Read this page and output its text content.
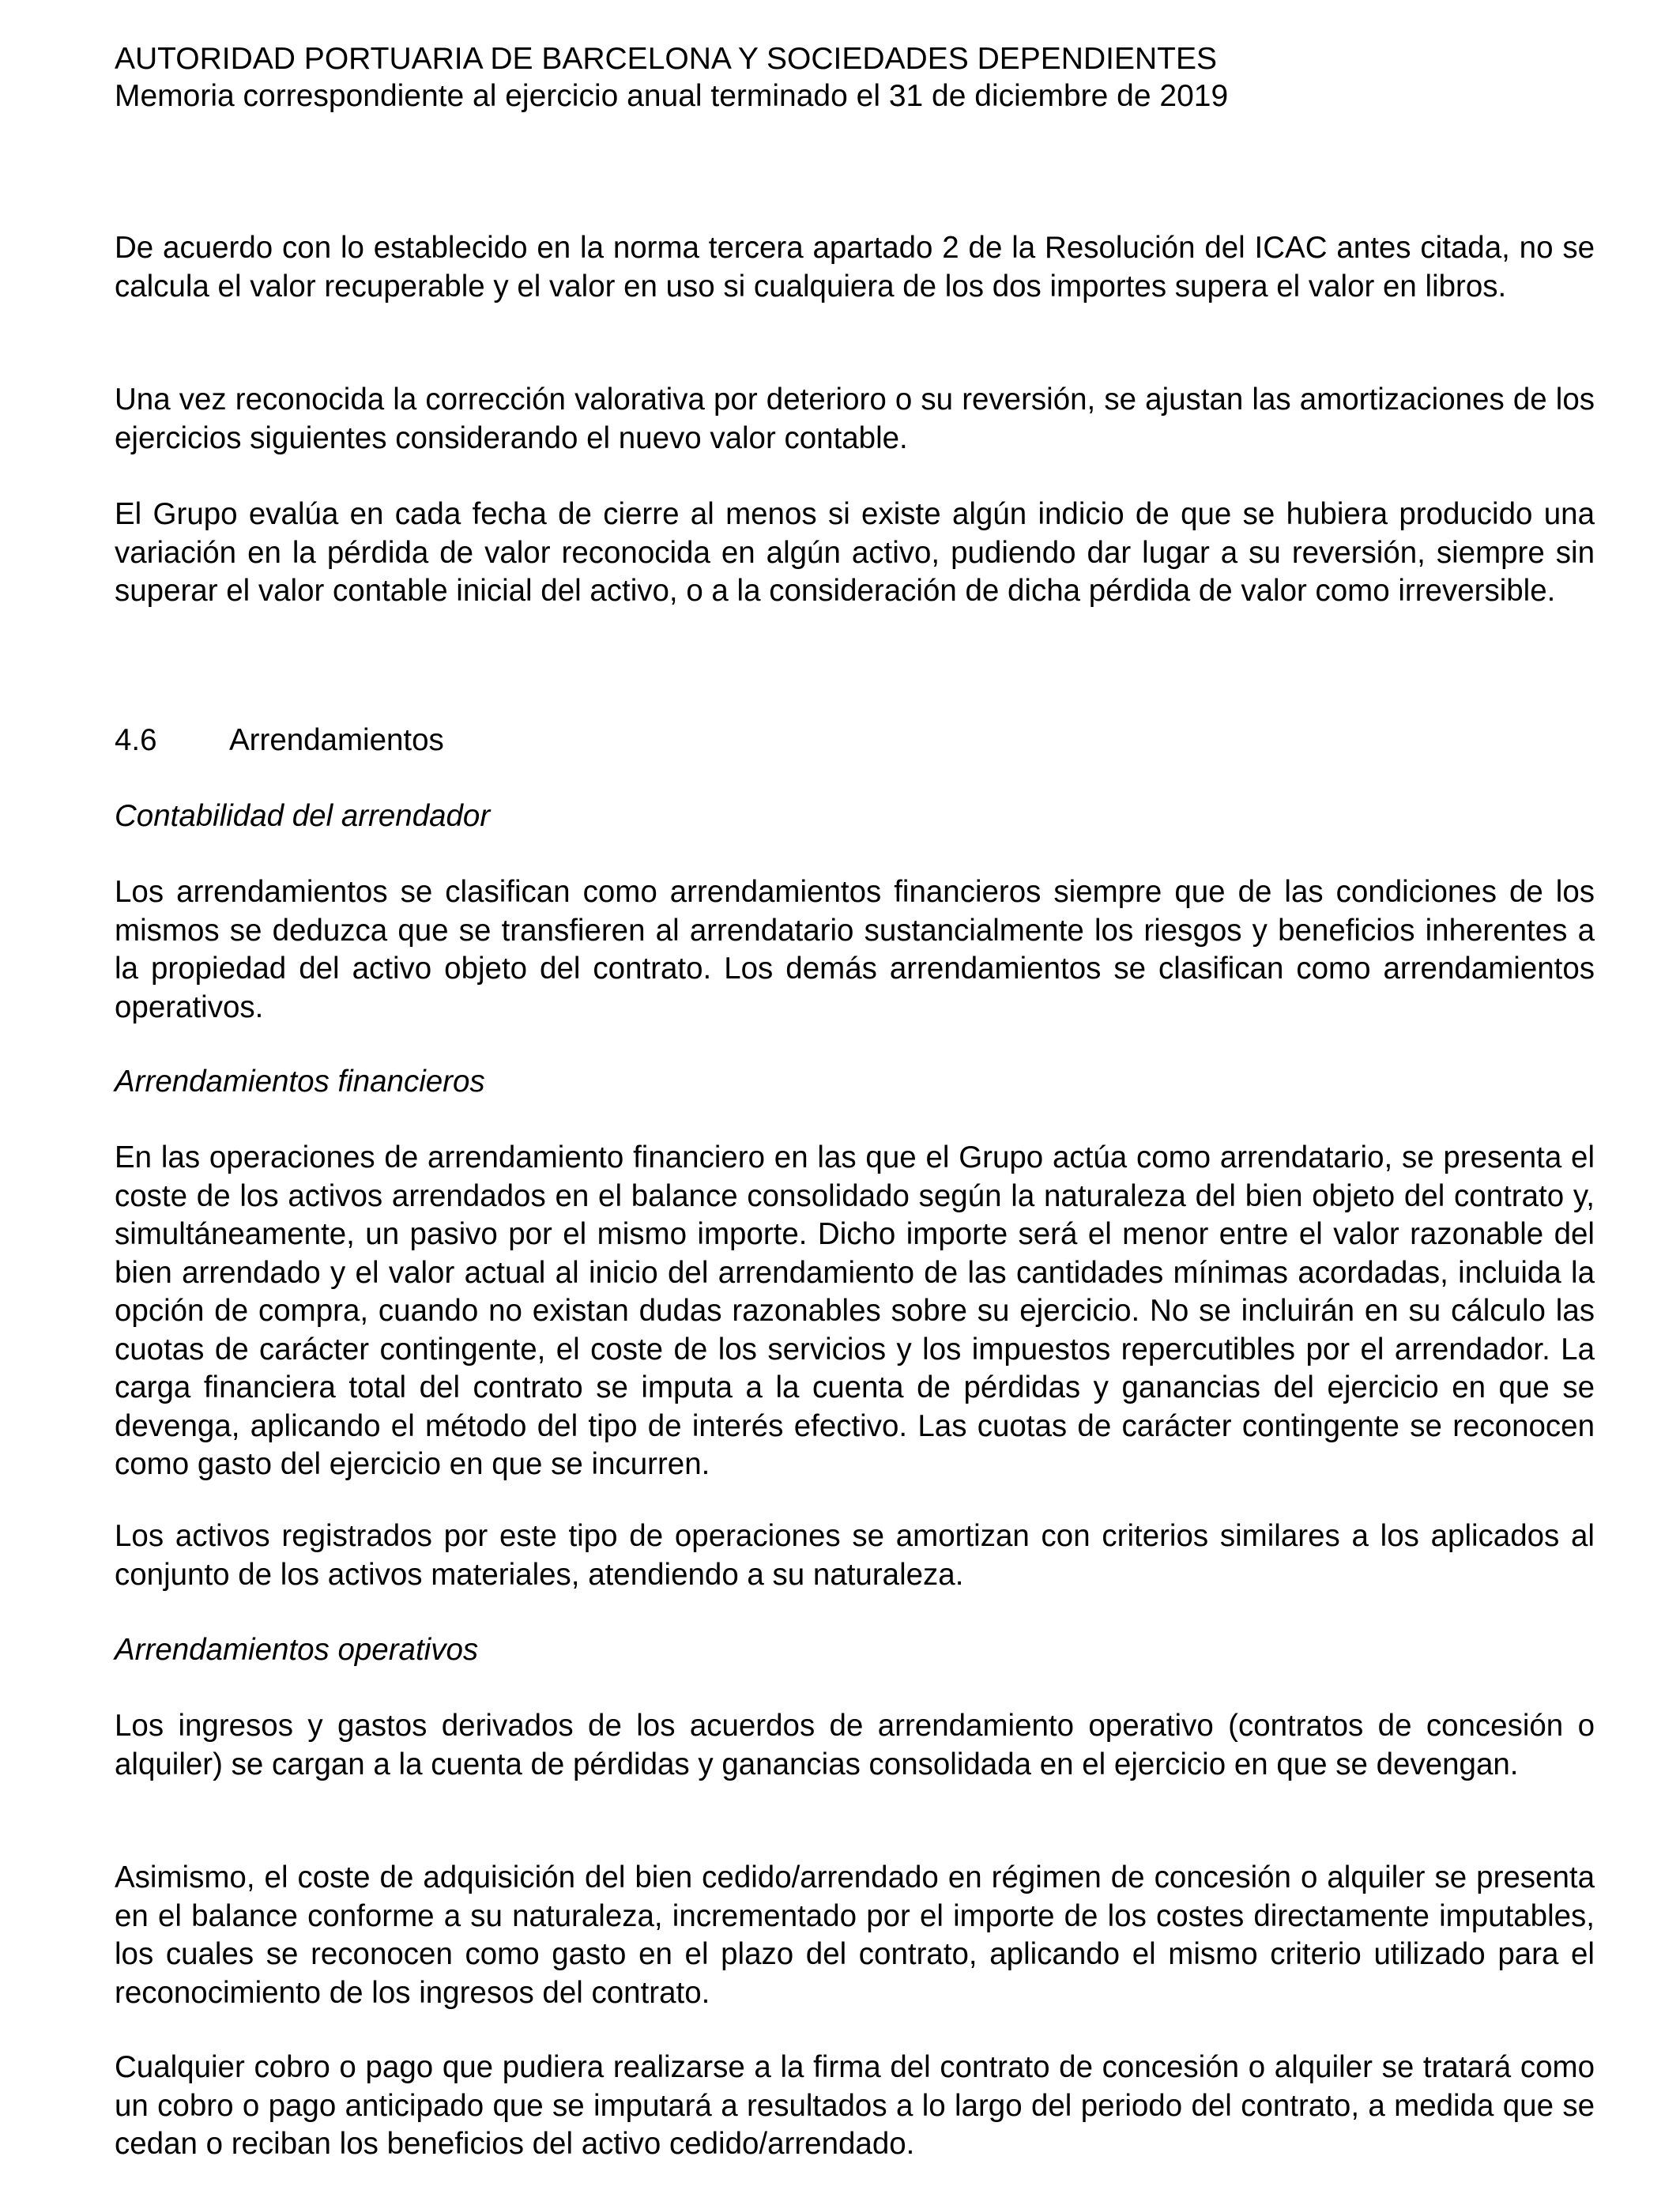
AUTORIDAD PORTUARIA DE BARCELONA Y SOCIEDADES DEPENDIENTES
Memoria correspondiente al ejercicio anual terminado el 31 de diciembre de 2019

De acuerdo con lo establecido en la norma tercera apartado 2 de la Resolución del ICAC antes citada, no se calcula el valor recuperable y el valor en uso si cualquiera de los dos importes supera el valor en libros.

Una vez reconocida la corrección valorativa por deterioro o su reversión, se ajustan las amortizaciones de los ejercicios siguientes considerando el nuevo valor contable.

El Grupo evalúa en cada fecha de cierre al menos si existe algún indicio de que se hubiera producido una variación en la pérdida de valor reconocida en algún activo, pudiendo dar lugar a su reversión, siempre sin superar el valor contable inicial del activo, o a la consideración de dicha pérdida de valor como irreversible.

4.6 Arrendamientos

Contabilidad del arrendador

Los arrendamientos se clasifican como arrendamientos financieros siempre que de las condiciones de los mismos se deduzca que se transfieren al arrendatario sustancialmente los riesgos y beneficios inherentes a la propiedad del activo objeto del contrato. Los demás arrendamientos se clasifican como arrendamientos operativos.

Arrendamientos financieros

En las operaciones de arrendamiento financiero en las que el Grupo actúa como arrendatario, se presenta el coste de los activos arrendados en el balance consolidado según la naturaleza del bien objeto del contrato y, simultáneamente, un pasivo por el mismo importe. Dicho importe será el menor entre el valor razonable del bien arrendado y el valor actual al inicio del arrendamiento de las cantidades mínimas acordadas, incluida la opción de compra, cuando no existan dudas razonables sobre su ejercicio. No se incluirán en su cálculo las cuotas de carácter contingente, el coste de los servicios y los impuestos repercutibles por el arrendador. La carga financiera total del contrato se imputa a la cuenta de pérdidas y ganancias del ejercicio en que se devenga, aplicando el método del tipo de interés efectivo. Las cuotas de carácter contingente se reconocen como gasto del ejercicio en que se incurren.

Los activos registrados por este tipo de operaciones se amortizan con criterios similares a los aplicados al conjunto de los activos materiales, atendiendo a su naturaleza.

Arrendamientos operativos

Los ingresos y gastos derivados de los acuerdos de arrendamiento operativo (contratos de concesión o alquiler) se cargan a la cuenta de pérdidas y ganancias consolidada en el ejercicio en que se devengan.

Asimismo, el coste de adquisición del bien cedido/arrendado en régimen de concesión o alquiler se presenta en el balance conforme a su naturaleza, incrementado por el importe de los costes directamente imputables, los cuales se reconocen como gasto en el plazo del contrato, aplicando el mismo criterio utilizado para el reconocimiento de los ingresos del contrato.

Cualquier cobro o pago que pudiera realizarse a la firma del contrato de concesión o alquiler se tratará como un cobro o pago anticipado que se imputará a resultados a lo largo del periodo del contrato, a medida que se cedan o reciban los beneficios del activo cedido/arrendado.
